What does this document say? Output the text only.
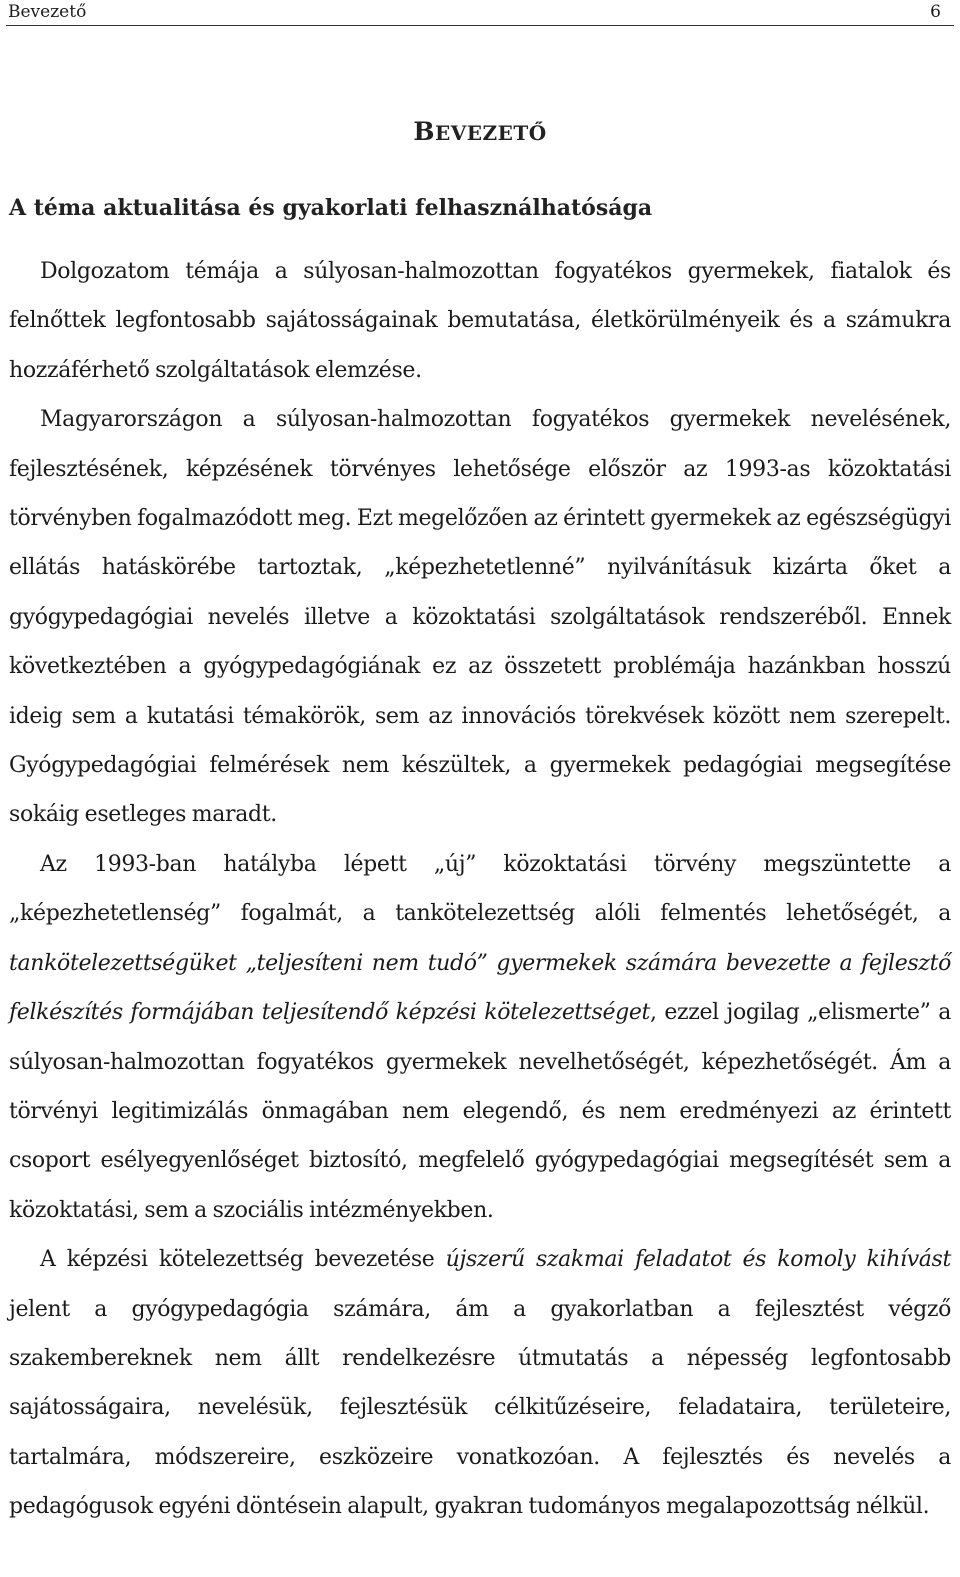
Bevezető	6
BEVEZETŐ
A téma aktualitása és gyakorlati felhasználhatósága

Dolgozatom témája a súlyosan-halmozottan fogyatékos gyermekek, fiatalok és felnőttek legfontosabb sajátosságainak bemutatása, életkörülményeik és a számukra hozzáférhető szolgáltatások elemzése.

Magyarországon a súlyosan-halmozottan fogyatékos gyermekek nevelésének, fejlesztésének, képzésének törvényes lehetősége először az 1993-as közoktatási törvényben fogalmazódott meg. Ezt megelőzően az érintett gyermekek az egészségügyi ellátás hatáskörébe tartoztak, „képezhetetlenné” nyilvánításuk kizárta őket a gyógypedagógiai nevelés illetve a közoktatási szolgáltatások rendszeréből. Ennek következtében a gyógypedagógiának ez az összetett problémája hazánkban hosszú ideig sem a kutatási témakörök, sem az innovációs törekvések között nem szerepelt. Gyógypedagógiai felmérések nem készültek, a gyermekek pedagógiai megsegítése sokáig esetleges maradt.

Az 1993-ban hatályba lépett „új” közoktatási törvény megszüntette a „képezhetetlenség” fogalmát, a tankötelezettség alóli felmentés lehetőségét, a tankötelezettségüket „teljesíteni nem tudó” gyermekek számára bevezette a fejlesztő felkészítés formájában teljesítendő képzési kötelezettséget, ezzel jogilag „elismerte” a súlyosan-halmozottan fogyatékos gyermekek nevelhetőségét, képezhetőségét. Ám a törvényi legitimizálás önmagában nem elegendő, és nem eredményezi az érintett csoport esélyegyenlőséget biztosító, megfelelő gyógypedagógiai megsegítését sem a közoktatási, sem a szociális intézményekben.

A képzési kötelezettség bevezetése újszerű szakmai feladatot és komoly kihívást jelent a gyógypedagógia számára, ám a gyakorlatban a fejlesztést végző szakembereknek nem állt rendelkezésre útmutatás a népesség legfontosabb sajátosságaira, nevelésük, fejlesztésük célkitűzéseire, feladataira, területeire, tartalmára, módszereire, eszközeire vonatkozóan. A fejlesztés és nevelés a pedagógusok egyéni döntésein alapult, gyakran tudományos megalapozottság nélkül.
